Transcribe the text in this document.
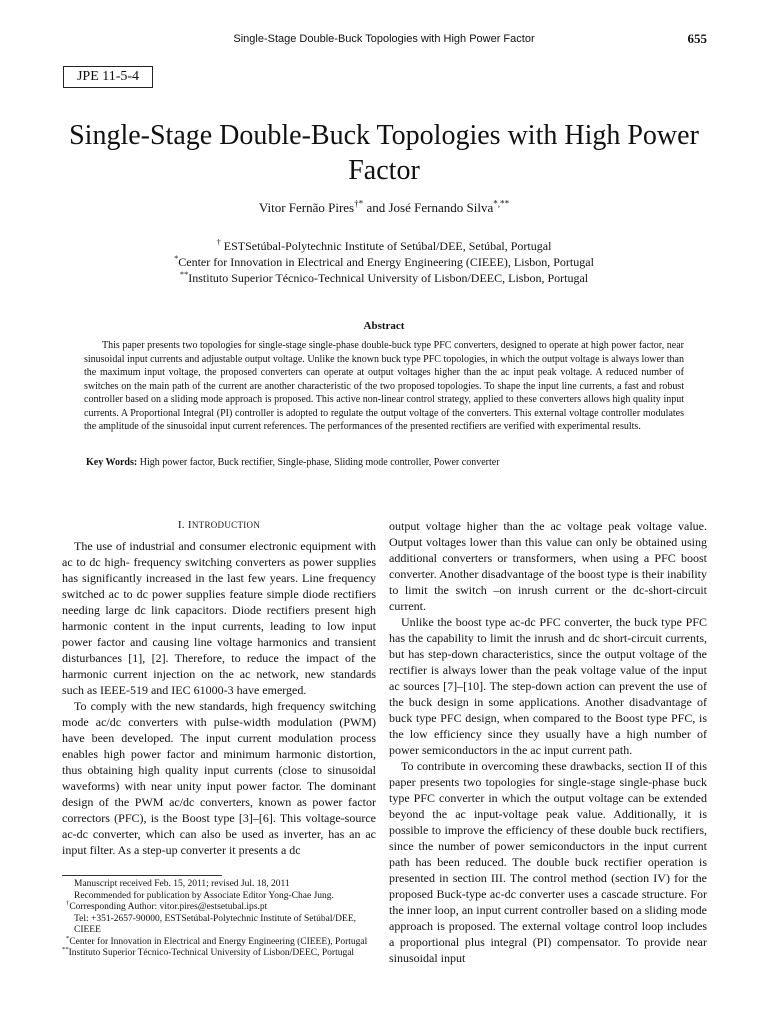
Single-Stage Double-Buck Topologies with High Power Factor	655
JPE 11-5-4
Single-Stage Double-Buck Topologies with High Power Factor
Vitor Fernão Pires†* and José Fernando Silva*,**
† ESTSetúbal-Polytechnic Institute of Setúbal/DEE, Setúbal, Portugal
*Center for Innovation in Electrical and Energy Engineering (CIEEE), Lisbon, Portugal
**Instituto Superior Técnico-Technical University of Lisbon/DEEC, Lisbon, Portugal
Abstract

This paper presents two topologies for single-stage single-phase double-buck type PFC converters, designed to operate at high power factor, near sinusoidal input currents and adjustable output voltage. Unlike the known buck type PFC topologies, in which the output voltage is always lower than the maximum input voltage, the proposed converters can operate at output voltages higher than the ac input peak voltage. A reduced number of switches on the main path of the current are another characteristic of the two proposed topologies. To shape the input line currents, a fast and robust controller based on a sliding mode approach is proposed. This active non-linear control strategy, applied to these converters allows high quality input currents. A Proportional Integral (PI) controller is adopted to regulate the output voltage of the converters. This external voltage controller modulates the amplitude of the sinusoidal input current references. The performances of the presented rectifiers are verified with experimental results.

Key Words: High power factor, Buck rectifier, Single-phase, Sliding mode controller, Power converter
I. INTRODUCTION

The use of industrial and consumer electronic equipment with ac to dc high- frequency switching converters as power supplies has significantly increased in the last few years. Line frequency switched ac to dc power supplies feature simple diode rectifiers needing large dc link capacitors. Diode rectifiers present high harmonic content in the input currents, leading to low input power factor and causing line voltage harmonics and transient disturbances [1], [2]. Therefore, to reduce the impact of the harmonic current injection on the ac network, new standards such as IEEE-519 and IEC 61000-3 have emerged.

To comply with the new standards, high frequency switching mode ac/dc converters with pulse-width modulation (PWM) have been developed. The input current modulation process enables high power factor and minimum harmonic distortion, thus obtaining high quality input currents (close to sinusoidal waveforms) with near unity input power factor. The dominant design of the PWM ac/dc converters, known as power factor correctors (PFC), is the Boost type [3]–[6]. This voltage-source ac-dc converter, which can also be used as inverter, has an ac input filter. As a step-up converter it presents a dc

output voltage higher than the ac voltage peak voltage value. Output voltages lower than this value can only be obtained using additional converters or transformers, when using a PFC boost converter. Another disadvantage of the boost type is their inability to limit the switch –on inrush current or the dc-short-circuit current.

Unlike the boost type ac-dc PFC converter, the buck type PFC has the capability to limit the inrush and dc short-circuit currents, but has step-down characteristics, since the output voltage of the rectifier is always lower than the peak voltage value of the input ac sources [7]–[10]. The step-down action can prevent the use of the buck design in some applications. Another disadvantage of buck type PFC design, when compared to the Boost type PFC, is the low efficiency since they usually have a high number of power semiconductors in the ac input current path.

To contribute in overcoming these drawbacks, section II of this paper presents two topologies for single-stage single-phase buck type PFC converter in which the output voltage can be extended beyond the ac input-voltage peak value. Additionally, it is possible to improve the efficiency of these double buck rectifiers, since the number of power semiconductors in the input current path has been reduced. The double buck rectifier operation is presented in section III. The control method (section IV) for the proposed Buck-type ac-dc converter uses a cascade structure. For the inner loop, an input current controller based on a sliding mode approach is proposed. The external voltage control loop includes a proportional plus integral (PI) compensator. To provide near sinusoidal input

Manuscript received Feb. 15, 2011; revised Jul. 18, 2011
Recommended for publication by Associate Editor Yong-Chae Jung.
†Corresponding Author: vitor.pires@estsetubal.ips.pt
Tel: +351-2657-90000, ESTSetúbal-Polytechnic Institute of Setúbal/DEE, CIEEE
*Center for Innovation in Electrical and Energy Engineering (CIEEE), Portugal
**Instituto Superior Técnico-Technical University of Lisbon/DEEC, Portugal
